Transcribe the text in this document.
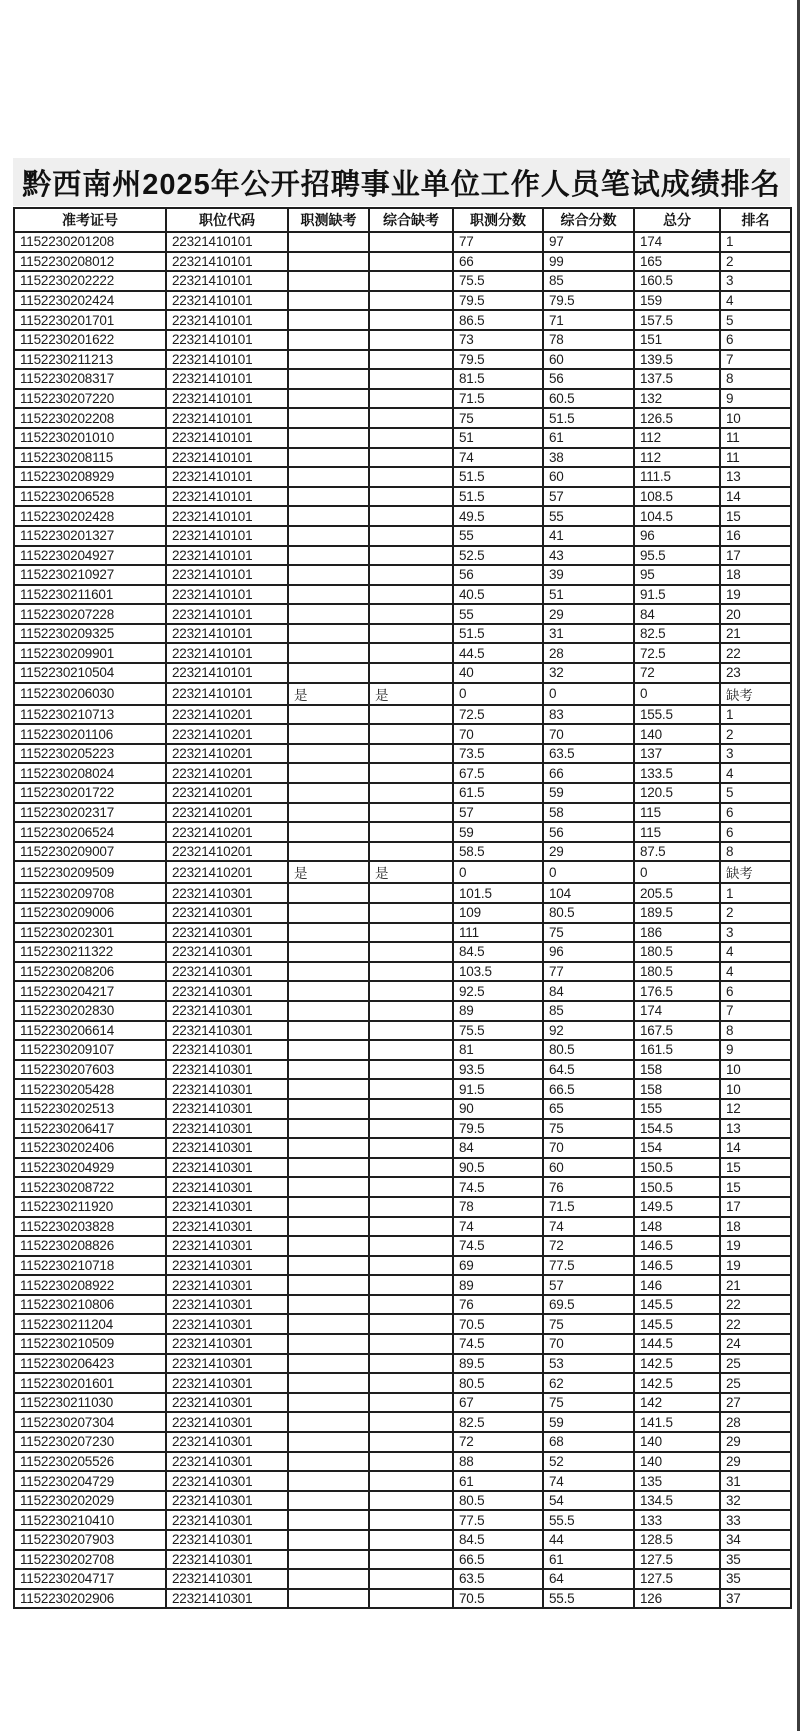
黔西南州2025年公开招聘事业单位工作人员笔试成绩排名
准考证号	职位代码	职测缺考	综合缺考	职测分数	综合分数	总分	排名
1152230201208	22321410101			77	97	174	1
1152230208012	22321410101			66	99	165	2
1152230202222	22321410101			75.5	85	160.5	3
1152230202424	22321410101			79.5	79.5	159	4
1152230201701	22321410101			86.5	71	157.5	5
1152230201622	22321410101			73	78	151	6
1152230211213	22321410101			79.5	60	139.5	7
1152230208317	22321410101			81.5	56	137.5	8
1152230207220	22321410101			71.5	60.5	132	9
1152230202208	22321410101			75	51.5	126.5	10
1152230201010	22321410101			51	61	112	11
1152230208115	22321410101			74	38	112	11
1152230208929	22321410101			51.5	60	111.5	13
1152230206528	22321410101			51.5	57	108.5	14
1152230202428	22321410101			49.5	55	104.5	15
1152230201327	22321410101			55	41	96	16
1152230204927	22321410101			52.5	43	95.5	17
1152230210927	22321410101			56	39	95	18
1152230211601	22321410101			40.5	51	91.5	19
1152230207228	22321410101			55	29	84	20
1152230209325	22321410101			51.5	31	82.5	21
1152230209901	22321410101			44.5	28	72.5	22
1152230210504	22321410101			40	32	72	23
1152230206030	22321410101	是	是	0	0	0	缺考
1152230210713	22321410201			72.5	83	155.5	1
1152230201106	22321410201			70	70	140	2
1152230205223	22321410201			73.5	63.5	137	3
1152230208024	22321410201			67.5	66	133.5	4
1152230201722	22321410201			61.5	59	120.5	5
1152230202317	22321410201			57	58	115	6
1152230206524	22321410201			59	56	115	6
1152230209007	22321410201			58.5	29	87.5	8
1152230209509	22321410201	是	是	0	0	0	缺考
1152230209708	22321410301			101.5	104	205.5	1
1152230209006	22321410301			109	80.5	189.5	2
1152230202301	22321410301			111	75	186	3
1152230211322	22321410301			84.5	96	180.5	4
1152230208206	22321410301			103.5	77	180.5	4
1152230204217	22321410301			92.5	84	176.5	6
1152230202830	22321410301			89	85	174	7
1152230206614	22321410301			75.5	92	167.5	8
1152230209107	22321410301			81	80.5	161.5	9
1152230207603	22321410301			93.5	64.5	158	10
1152230205428	22321410301			91.5	66.5	158	10
1152230202513	22321410301			90	65	155	12
1152230206417	22321410301			79.5	75	154.5	13
1152230202406	22321410301			84	70	154	14
1152230204929	22321410301			90.5	60	150.5	15
1152230208722	22321410301			74.5	76	150.5	15
1152230211920	22321410301			78	71.5	149.5	17
1152230203828	22321410301			74	74	148	18
1152230208826	22321410301			74.5	72	146.5	19
1152230210718	22321410301			69	77.5	146.5	19
1152230208922	22321410301			89	57	146	21
1152230210806	22321410301			76	69.5	145.5	22
1152230211204	22321410301			70.5	75	145.5	22
1152230210509	22321410301			74.5	70	144.5	24
1152230206423	22321410301			89.5	53	142.5	25
1152230201601	22321410301			80.5	62	142.5	25
1152230211030	22321410301			67	75	142	27
1152230207304	22321410301			82.5	59	141.5	28
1152230207230	22321410301			72	68	140	29
1152230205526	22321410301			88	52	140	29
1152230204729	22321410301			61	74	135	31
1152230202029	22321410301			80.5	54	134.5	32
1152230210410	22321410301			77.5	55.5	133	33
1152230207903	22321410301			84.5	44	128.5	34
1152230202708	22321410301			66.5	61	127.5	35
1152230204717	22321410301			63.5	64	127.5	35
1152230202906	22321410301			70.5	55.5	126	37
